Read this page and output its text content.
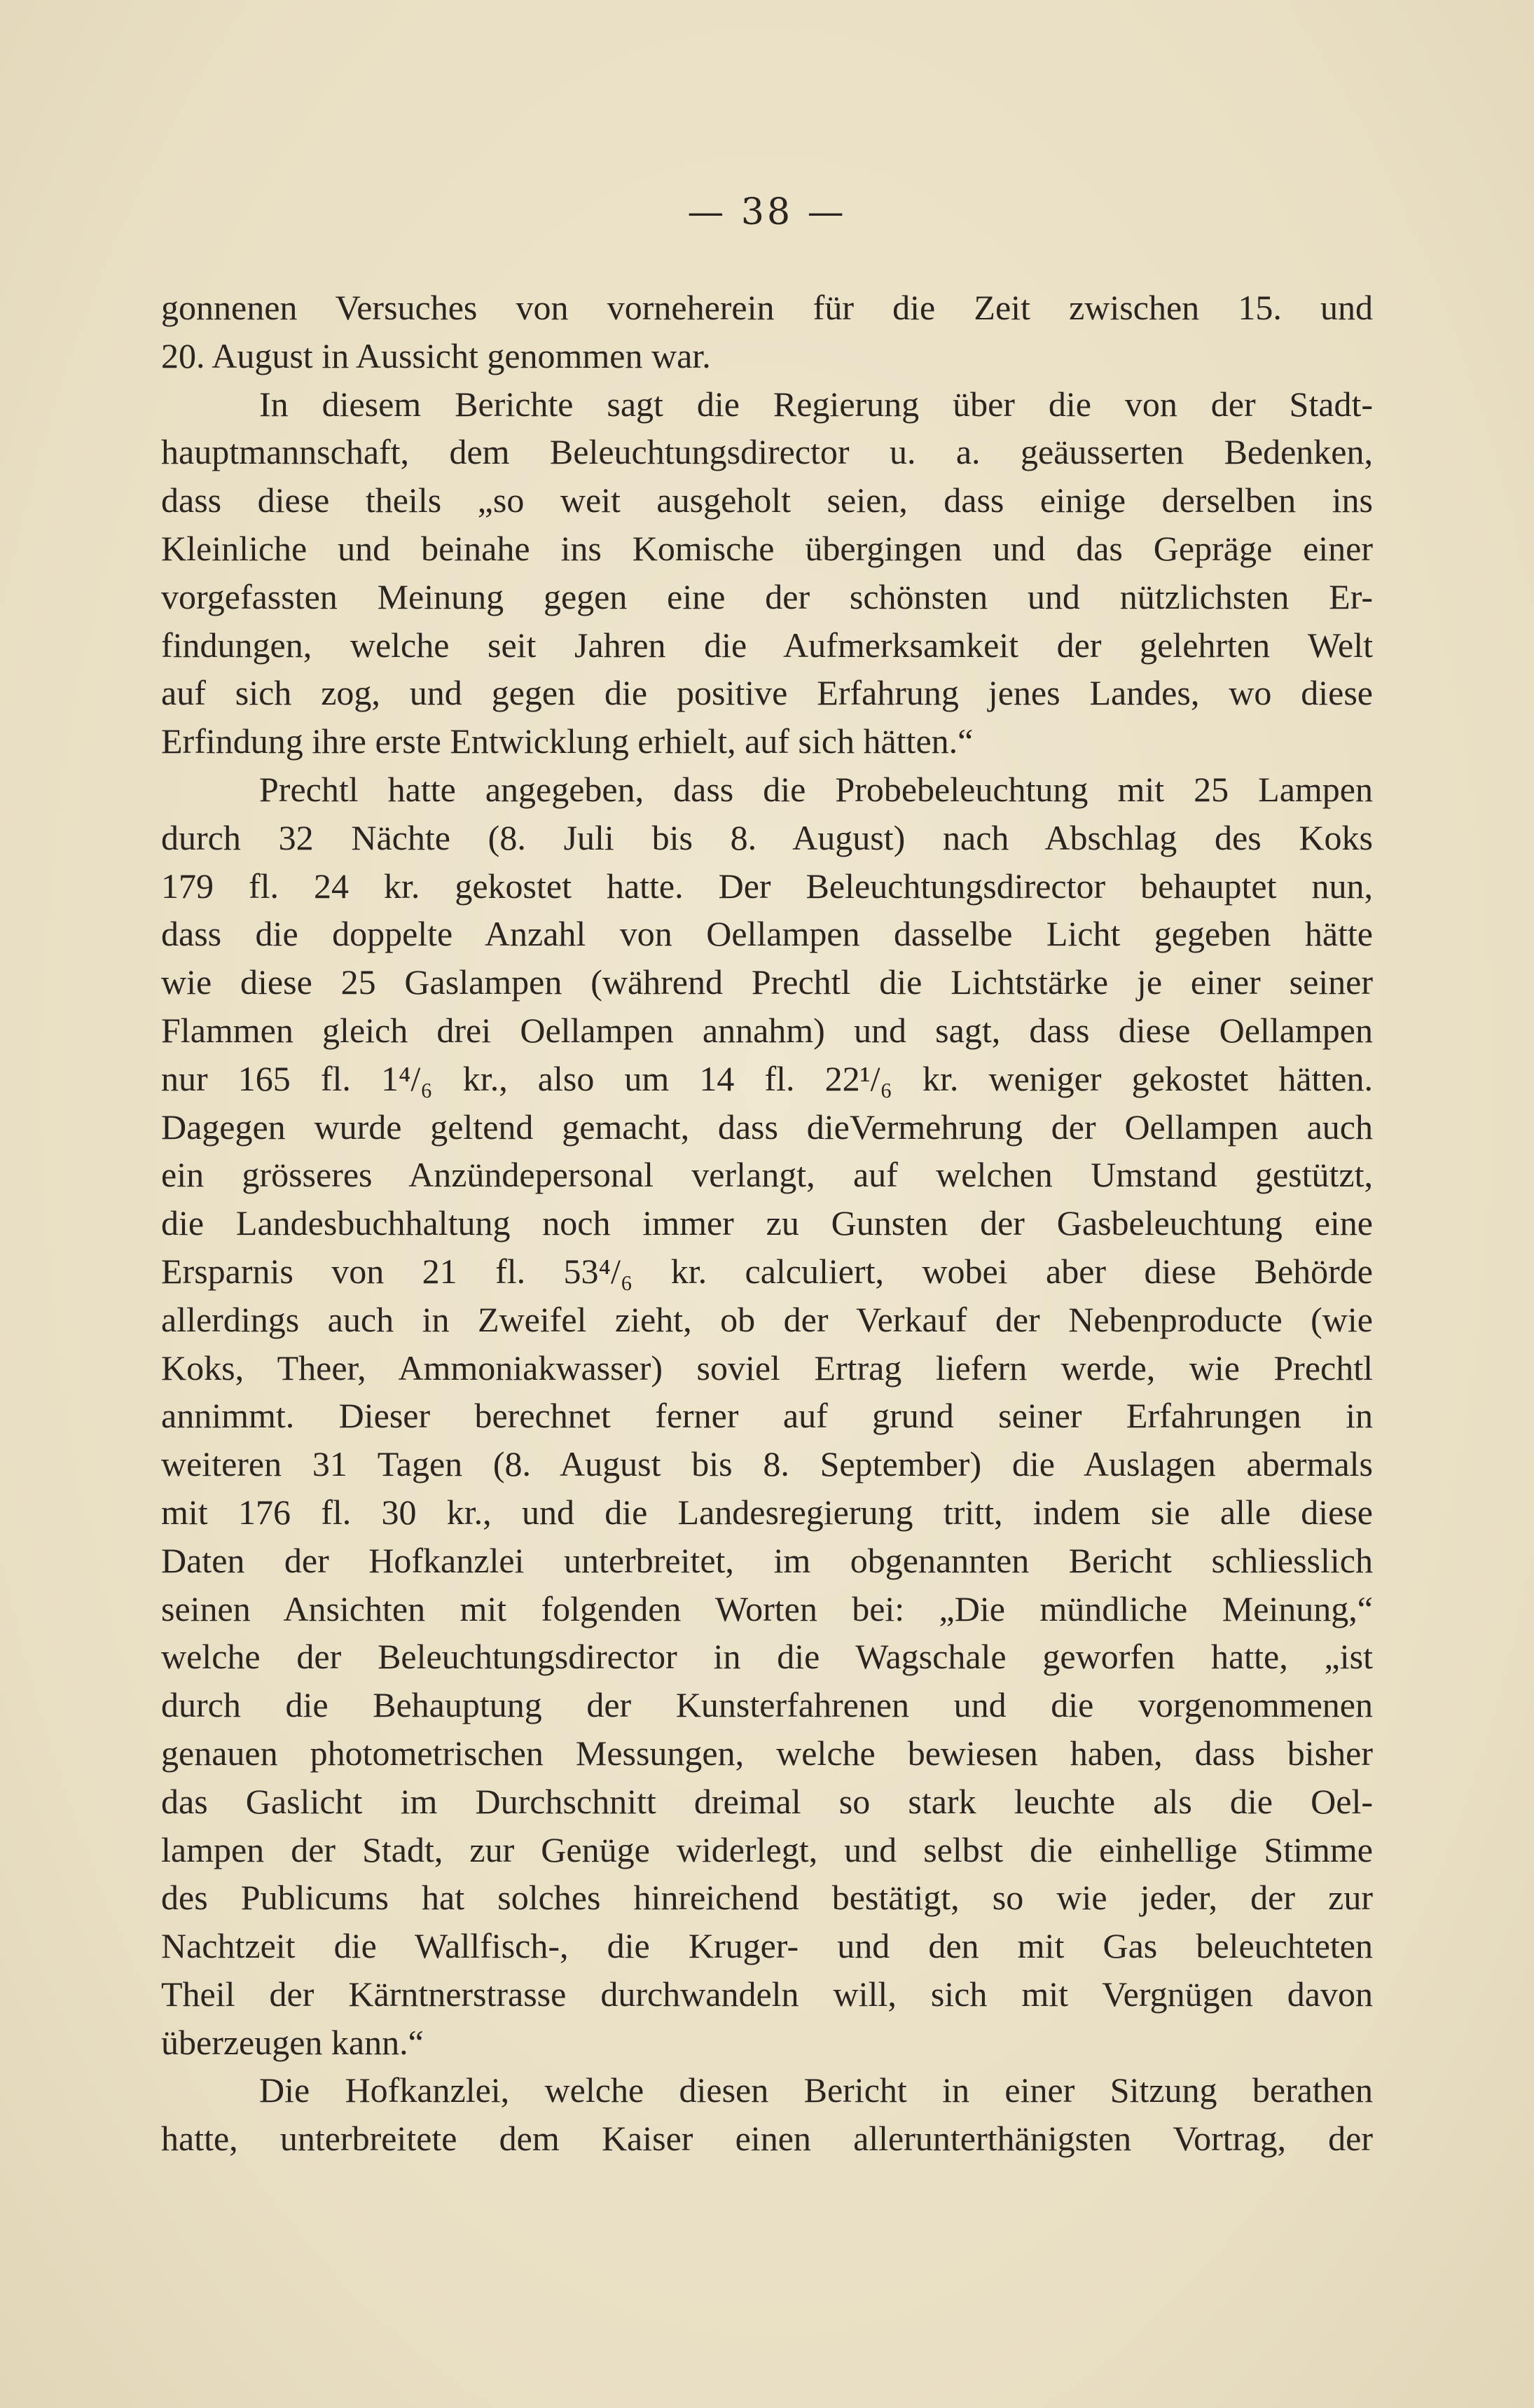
— 38 —
gonnenen Versuches von vorneherein für die Zeit zwischen 15. und
20. August in Aussicht genommen war.
In diesem Berichte sagt die Regierung über die von der Stadt-
hauptmannschaft, dem Beleuchtungsdirector u. a. geäusserten Bedenken,
dass diese theils „so weit ausgeholt seien, dass einige derselben ins
Kleinliche und beinahe ins Komische übergingen und das Gepräge einer
vorgefassten Meinung gegen eine der schönsten und nützlichsten Er-
findungen, welche seit Jahren die Aufmerksamkeit der gelehrten Welt
auf sich zog, und gegen die positive Erfahrung jenes Landes, wo diese
Erfindung ihre erste Entwicklung erhielt, auf sich hätten.“
Prechtl hatte angegeben, dass die Probebeleuchtung mit 25 Lampen
durch 32 Nächte (8. Juli bis 8. August) nach Abschlag des Koks
179 fl. 24 kr. gekostet hatte. Der Beleuchtungsdirector behauptet nun,
dass die doppelte Anzahl von Oellampen dasselbe Licht gegeben hätte
wie diese 25 Gaslampen (während Prechtl die Lichtstärke je einer seiner
Flammen gleich drei Oellampen annahm) und sagt, dass diese Oellampen
nur 165 fl. 1⁴/₆ kr., also um 14 fl. 22¹/₆ kr. weniger gekostet hätten.
Dagegen wurde geltend gemacht, dass dieVermehrung der Oellampen auch
ein grösseres Anzündepersonal verlangt, auf welchen Umstand gestützt,
die Landesbuchhaltung noch immer zu Gunsten der Gasbeleuchtung eine
Ersparnis von 21 fl. 53⁴/₆ kr. calculiert, wobei aber diese Behörde
allerdings auch in Zweifel zieht, ob der Verkauf der Nebenproducte (wie
Koks, Theer, Ammoniakwasser) soviel Ertrag liefern werde, wie Prechtl
annimmt. Dieser berechnet ferner auf grund seiner Erfahrungen in
weiteren 31 Tagen (8. August bis 8. September) die Auslagen abermals
mit 176 fl. 30 kr., und die Landesregierung tritt, indem sie alle diese
Daten der Hofkanzlei unterbreitet, im obgenannten Bericht schliesslich
seinen Ansichten mit folgenden Worten bei: „Die mündliche Meinung,“
welche der Beleuchtungsdirector in die Wagschale geworfen hatte, „ist
durch die Behauptung der Kunsterfahrenen und die vorgenommenen
genauen photometrischen Messungen, welche bewiesen haben, dass bisher
das Gaslicht im Durchschnitt dreimal so stark leuchte als die Oel-
lampen der Stadt, zur Genüge widerlegt, und selbst die einhellige Stimme
des Publicums hat solches hinreichend bestätigt, so wie jeder, der zur
Nachtzeit die Wallfisch-, die Kruger- und den mit Gas beleuchteten
Theil der Kärntnerstrasse durchwandeln will, sich mit Vergnügen davon
überzeugen kann.“
Die Hofkanzlei, welche diesen Bericht in einer Sitzung berathen
hatte, unterbreitete dem Kaiser einen allerunterthänigsten Vortrag, der
